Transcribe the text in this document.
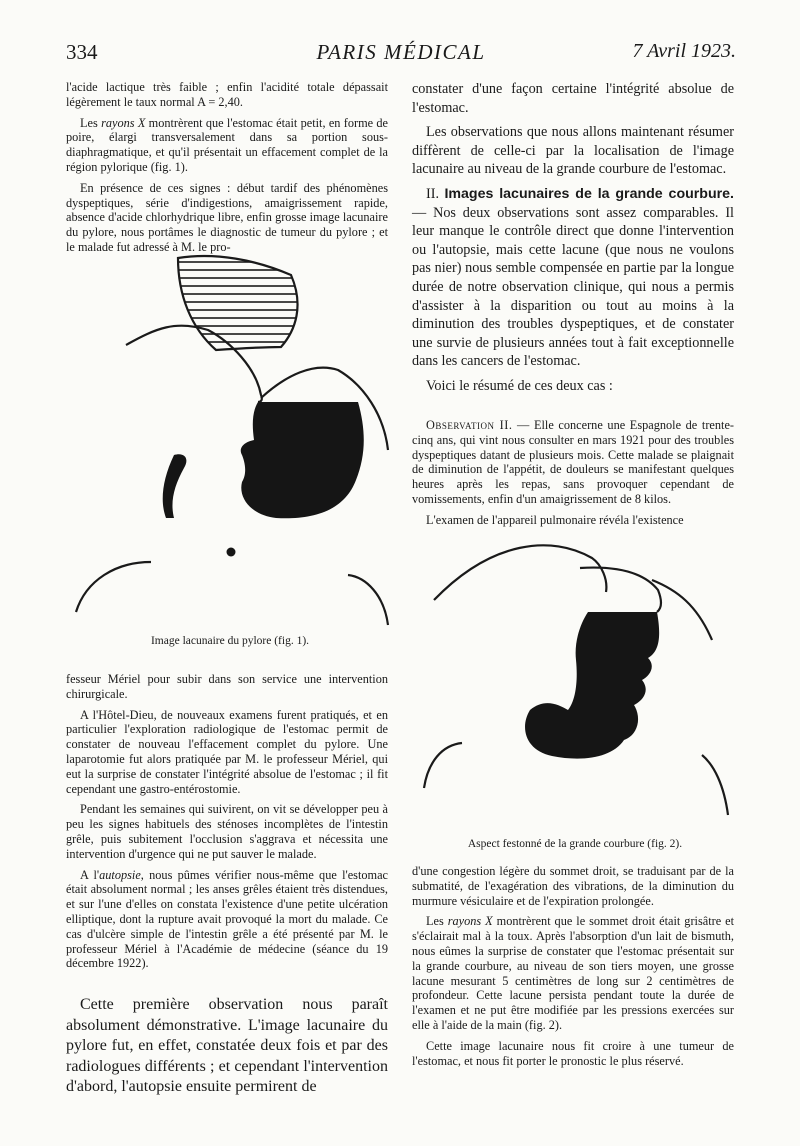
334	PARIS MÉDICAL	7 Avril 1923.

l'acide lactique très faible ; enfin l'acidité totale dépassait légèrement le taux normal A = 2,40.

Les rayons X montrèrent que l'estomac était petit, en forme de poire, élargi transversalement dans sa portion sous-diaphragmatique, et qu'il présentait un effacement complet de la région pylorique (fig. 1).

En présence de ces signes : début tardif des phénomènes dyspeptiques, série d'indigestions, amaigrissement rapide, absence d'acide chlorhydrique libre, enfin grosse image lacunaire du pylore, nous portâmes le diagnostic de tumeur du pylore ; et le malade fut adressé à M. le pro-

Image lacunaire du pylore (fig. 1).

fesseur Mériel pour subir dans son service une intervention chirurgicale.

A l'Hôtel-Dieu, de nouveaux examens furent pratiqués, et en particulier l'exploration radiologique de l'estomac permit de constater de nouveau l'effacement complet du pylore. Une laparotomie fut alors pratiquée par M. le professeur Mériel, qui eut la surprise de constater l'intégrité absolue de l'estomac ; il fit cependant une gastro-entérostomie.

Pendant les semaines qui suivirent, on vit se développer peu à peu les signes habituels des sténoses incomplètes de l'intestin grêle, puis subitement l'occlusion s'aggrava et nécessita une intervention d'urgence qui ne put sauver le malade.

A l'autopsie, nous pûmes vérifier nous-même que l'estomac était absolument normal ; les anses grêles étaient très distendues, et sur l'une d'elles on constata l'existence d'une petite ulcération elliptique, dont la rupture avait provoqué la mort du malade. Ce cas d'ulcère simple de l'intestin grêle a été présenté par M. le professeur Mériel à l'Académie de médecine (séance du 19 décembre 1922).

Cette première observation nous paraît absolument démonstrative. L'image lacunaire du pylore fut, en effet, constatée deux fois et par des radiologues différents ; et cependant l'intervention d'abord, l'autopsie ensuite permirent de

constater d'une façon certaine l'intégrité absolue de l'estomac.

Les observations que nous allons maintenant résumer diffèrent de celle-ci par la localisation de l'image lacunaire au niveau de la grande courbure de l'estomac.

II. Images lacunaires de la grande courbure. — Nos deux observations sont assez comparables. Il leur manque le contrôle direct que donne l'intervention ou l'autopsie, mais cette lacune (que nous ne voulons pas nier) nous semble compensée en partie par la longue durée de notre observation clinique, qui nous a permis d'assister à la disparition ou tout au moins à la diminution des troubles dyspeptiques, et de constater une survie de plusieurs années tout à fait exceptionnelle dans les cancers de l'estomac.

Voici le résumé de ces deux cas :

Observation II. — Elle concerne une Espagnole de trente-cinq ans, qui vint nous consulter en mars 1921 pour des troubles dyspeptiques datant de plusieurs mois. Cette malade se plaignait de diminution de l'appétit, de douleurs se manifestant quelques heures après les repas, sans provoquer cependant de vomissements, enfin d'un amaigrissement de 8 kilos.

L'examen de l'appareil pulmonaire révéla l'existence

Aspect festonné de la grande courbure (fig. 2).

d'une congestion légère du sommet droit, se traduisant par de la submatité, de l'exagération des vibrations, de la diminution du murmure vésiculaire et de l'expiration prolongée.

Les rayons X montrèrent que le sommet droit était grisâtre et s'éclairait mal à la toux. Après l'absorption d'un lait de bismuth, nous eûmes la surprise de constater que l'estomac présentait sur la grande courbure, au niveau de son tiers moyen, une grosse lacune mesurant 5 centimètres de long sur 2 centimètres de profondeur. Cette lacune persista pendant toute la durée de l'examen et ne put être modifiée par les pressions exercées sur elle à l'aide de la main (fig. 2).

Cette image lacunaire nous fit croire à une tumeur de l'estomac, et nous fit porter le pronostic le plus réservé.
